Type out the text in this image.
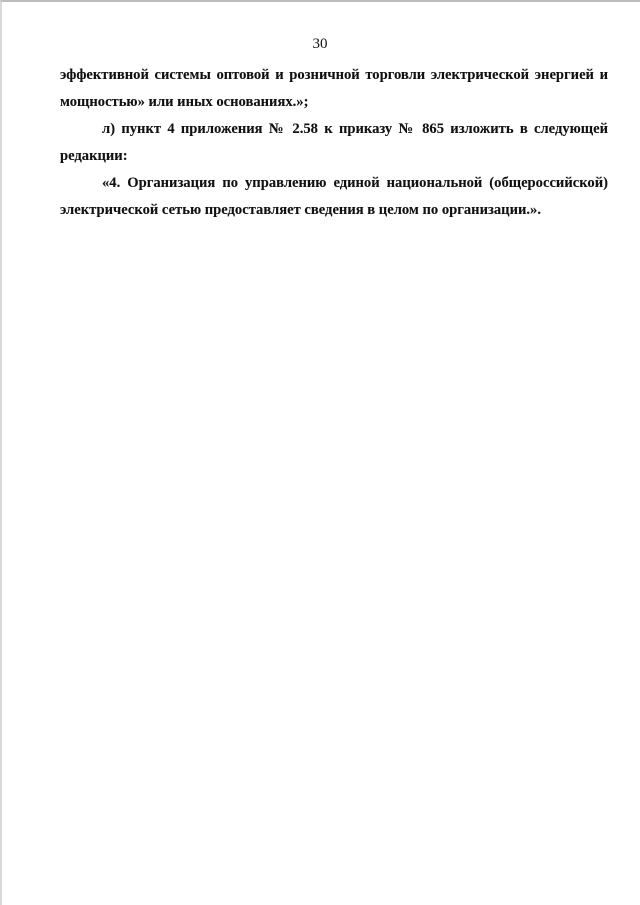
30

эффективной системы оптовой и розничной торговли электрической энергией и мощностью» или иных основаниях.»;

л) пункт 4 приложения № 2.58 к приказу № 865 изложить в следующей редакции:

«4. Организация по управлению единой национальной (общероссийской) электрической сетью предоставляет сведения в целом по организации.».
